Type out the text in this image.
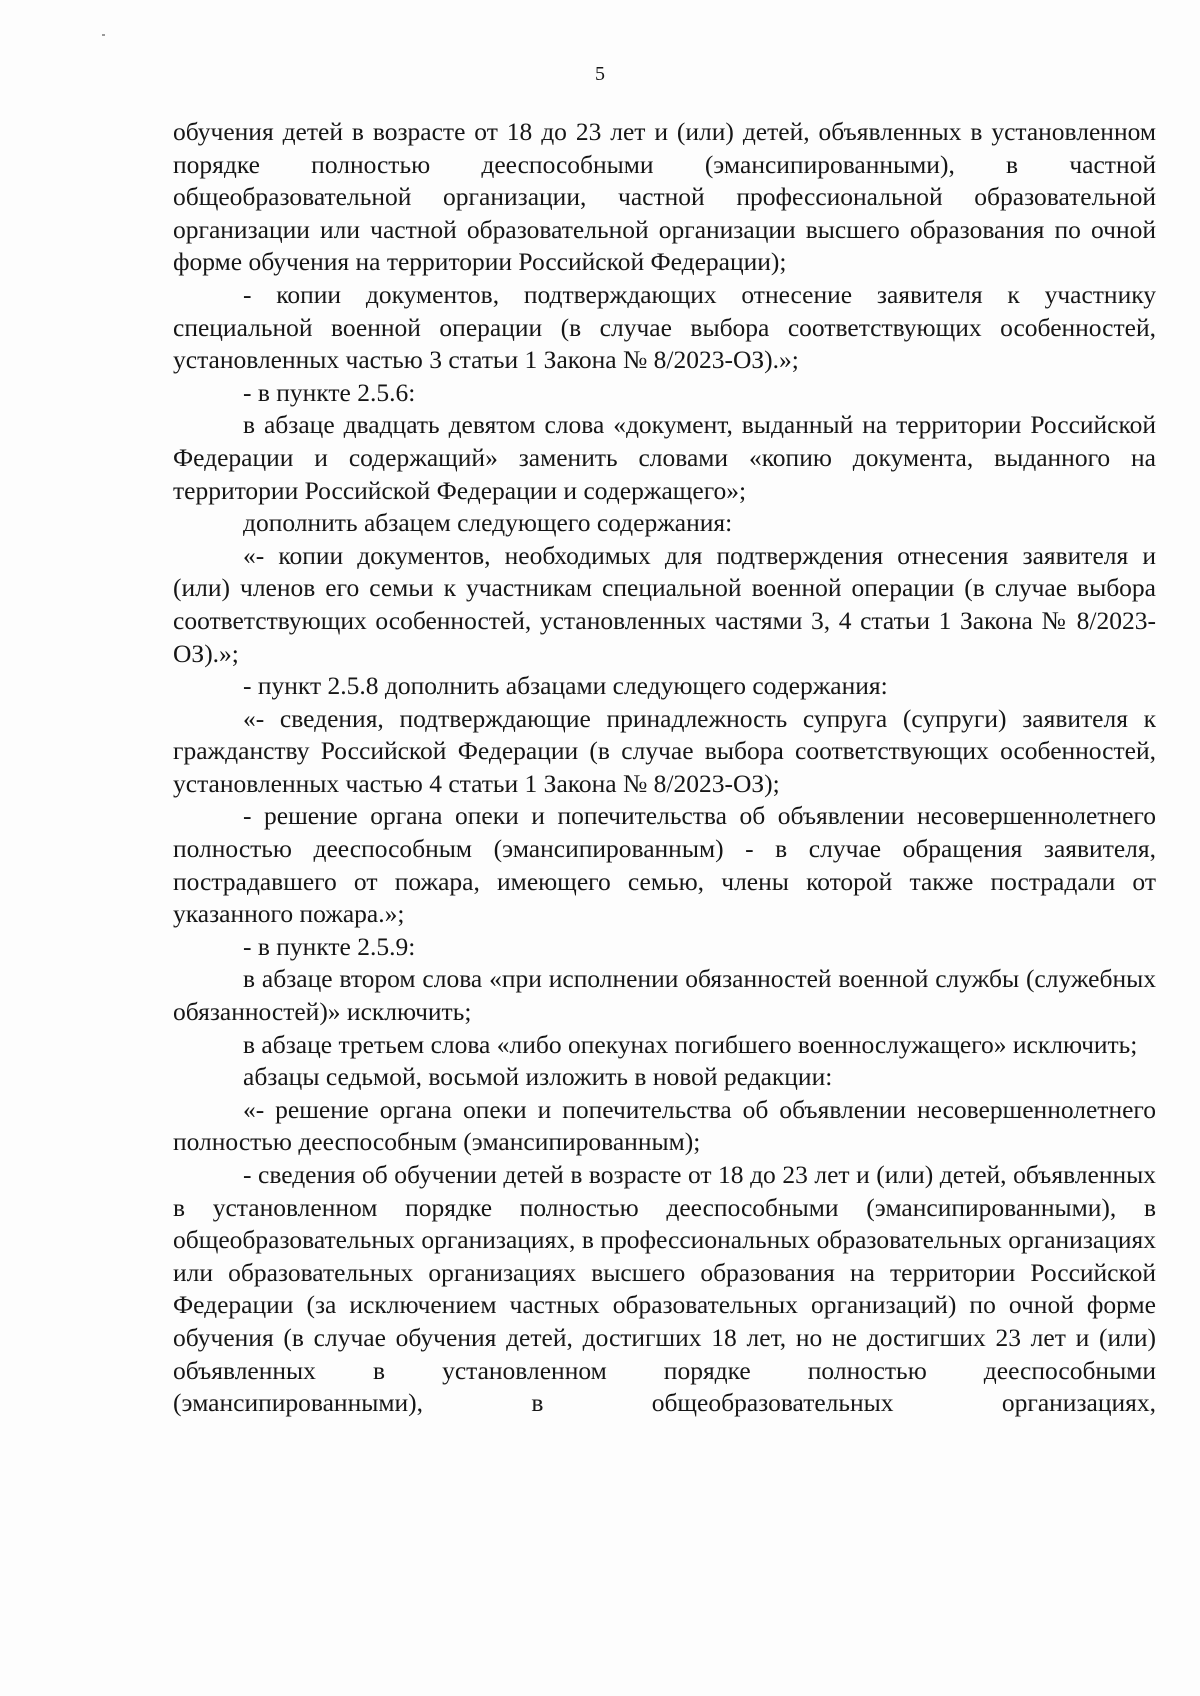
5

обучения детей в возрасте от 18 до 23 лет и (или) детей, объявленных в установленном порядке полностью дееспособными (эмансипированными), в частной общеобразовательной организации, частной профессиональной образовательной организации или частной образовательной организации высшего образования по очной форме обучения на территории Российской Федерации);

- копии документов, подтверждающих отнесение заявителя к участнику специальной военной операции (в случае выбора соответствующих особенностей, установленных частью 3 статьи 1 Закона № 8/2023-ОЗ).»;

- в пункте 2.5.6:

в абзаце двадцать девятом слова «документ, выданный на территории Российской Федерации и содержащий» заменить словами «копию документа, выданного на территории Российской Федерации и содержащего»;

дополнить абзацем следующего содержания:

«- копии документов, необходимых для подтверждения отнесения заявителя и (или) членов его семьи к участникам специальной военной операции (в случае выбора соответствующих особенностей, установленных частями 3, 4 статьи 1 Закона № 8/2023-ОЗ).»;

- пункт 2.5.8 дополнить абзацами следующего содержания:

«- сведения, подтверждающие принадлежность супруга (супруги) заявителя к гражданству Российской Федерации (в случае выбора соответствующих особенностей, установленных частью 4 статьи 1 Закона № 8/2023-ОЗ);

- решение органа опеки и попечительства об объявлении несовершеннолетнего полностью дееспособным (эмансипированным) - в случае обращения заявителя, пострадавшего от пожара, имеющего семью, члены которой также пострадали от указанного пожара.»;

- в пункте 2.5.9:

в абзаце втором слова «при исполнении обязанностей военной службы (служебных обязанностей)» исключить;

в абзаце третьем слова «либо опекунах погибшего военнослужащего» исключить;

абзацы седьмой, восьмой изложить в новой редакции:

«- решение органа опеки и попечительства об объявлении несовершеннолетнего полностью дееспособным (эмансипированным);

- сведения об обучении детей в возрасте от 18 до 23 лет и (или) детей, объявленных в установленном порядке полностью дееспособными (эмансипированными), в общеобразовательных организациях, в профессиональных образовательных организациях или образовательных организациях высшего образования на территории Российской Федерации (за исключением частных образовательных организаций) по очной форме обучения (в случае обучения детей, достигших 18 лет, но не достигших 23 лет и (или) объявленных в установленном порядке полностью дееспособными (эмансипированными), в общеобразовательных организациях,
